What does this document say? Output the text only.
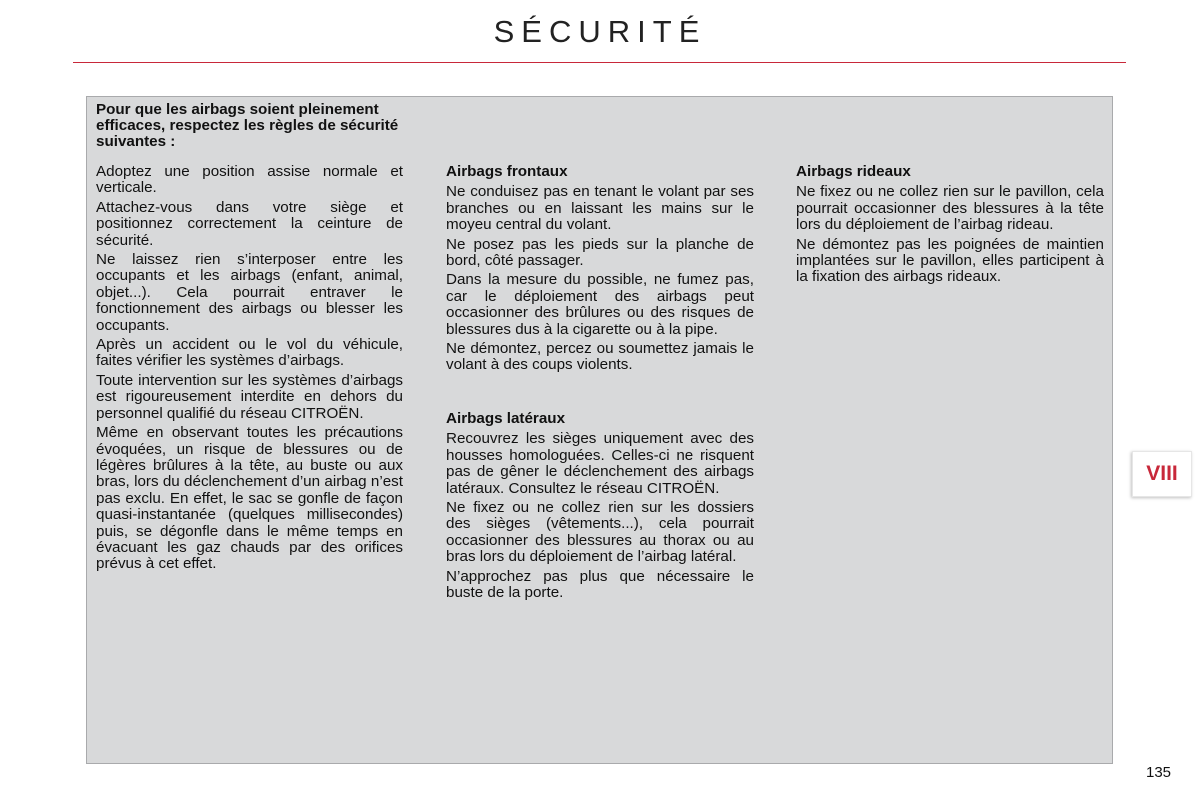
SÉCURITÉ
Pour que les airbags soient pleinement efficaces, respectez les règles de sécurité suivantes :

Adoptez une position assise normale et verticale.

Attachez-vous dans votre siège et positionnez correctement la ceinture de sécurité.

Ne laissez rien s’interposer entre les occupants et les airbags (enfant, animal, objet...). Cela pourrait entraver le fonctionnement des airbags ou blesser les occupants.

Après un accident ou le vol du véhicule, faites vérifier les systèmes d’airbags.

Toute intervention sur les systèmes d’airbags est rigoureusement interdite en dehors du personnel qualifié du réseau CITROËN.

Même en observant toutes les précautions évoquées, un risque de blessures ou de légères brûlures à la tête, au buste ou aux bras, lors du déclenchement d’un airbag n’est pas exclu. En effet, le sac se gonfle de façon quasi-instantanée (quelques millisecondes) puis, se dégonfle dans le même temps en évacuant les gaz chauds par des orifices prévus à cet effet.

Airbags frontaux

Ne conduisez pas en tenant le volant par ses branches ou en laissant les mains sur le moyeu central du volant.

Ne posez pas les pieds sur la planche de bord, côté passager.

Dans la mesure du possible, ne fumez pas, car le déploiement des airbags peut occasionner des brûlures ou des risques de blessures dus à la cigarette ou à la pipe.

Ne démontez, percez ou soumettez jamais le volant à des coups violents.

Airbags latéraux

Recouvrez les sièges uniquement avec des housses homologuées. Celles-ci ne risquent pas de gêner le déclenchement des airbags latéraux. Consultez le réseau CITROËN.

Ne fixez ou ne collez rien sur les dossiers des sièges (vêtements...), cela pourrait occasionner des blessures au thorax ou au bras lors du déploiement de l’airbag latéral.

N’approchez pas plus que nécessaire le buste de la porte.

Airbags rideaux

Ne fixez ou ne collez rien sur le pavillon, cela pourrait occasionner des blessures à la tête lors du déploiement de l’airbag rideau.

Ne démontez pas les poignées de maintien implantées sur le pavillon, elles participent à la fixation des airbags rideaux.

VIII
135
